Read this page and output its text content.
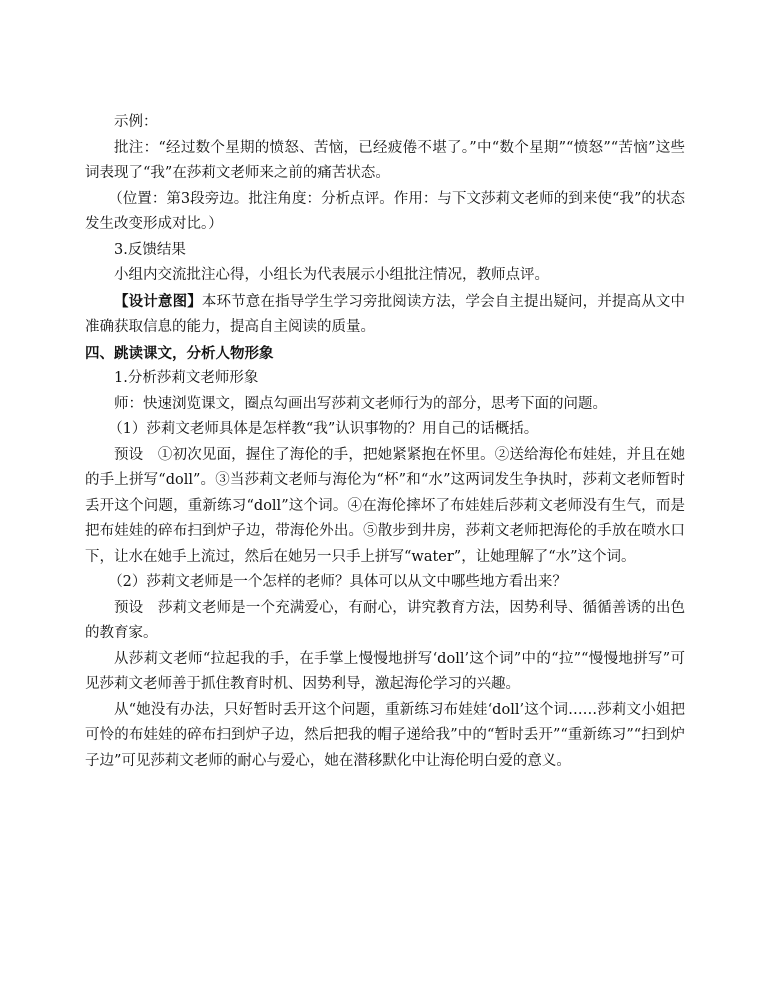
示例：

批注：“经过数个星期的愤怒、苦恼，已经疲倦不堪了。”中“数个星期”“愤怒”“苦恼”这些词表现了“我”在莎莉文老师来之前的痛苦状态。

（位置：第3段旁边。批注角度：分析点评。作用：与下文莎莉文老师的到来使“我”的状态发生改变形成对比。）

3.反馈结果

小组内交流批注心得，小组长为代表展示小组批注情况，教师点评。

【设计意图】本环节意在指导学生学习旁批阅读方法，学会自主提出疑问，并提高从文中准确获取信息的能力，提高自主阅读的质量。

四、跳读课文，分析人物形象

1.分析莎莉文老师形象

师：快速浏览课文，圈点勾画出写莎莉文老师行为的部分，思考下面的问题。

（1）莎莉文老师具体是怎样教“我”认识事物的？用自己的话概括。

预设　①初次见面，握住了海伦的手，把她紧紧抱在怀里。②送给海伦布娃娃，并且在她的手上拼写“doll”。③当莎莉文老师与海伦为“杯”和“水”这两词发生争执时，莎莉文老师暂时丢开这个问题，重新练习“doll”这个词。④在海伦摔坏了布娃娃后莎莉文老师没有生气，而是把布娃娃的碎布扫到炉子边，带海伦外出。⑤散步到井房，莎莉文老师把海伦的手放在喷水口下，让水在她手上流过，然后在她另一只手上拼写“water”，让她理解了“水”这个词。

（2）莎莉文老师是一个怎样的老师？具体可以从文中哪些地方看出来？

预设　莎莉文老师是一个充满爱心，有耐心，讲究教育方法，因势利导、循循善诱的出色的教育家。

从莎莉文老师“拉起我的手，在手掌上慢慢地拼写‘doll’这个词”中的“拉”“慢慢地拼写”可见莎莉文老师善于抓住教育时机、因势利导，激起海伦学习的兴趣。

从“她没有办法，只好暂时丢开这个问题，重新练习布娃娃‘doll’这个词……莎莉文小姐把可怜的布娃娃的碎布扫到炉子边，然后把我的帽子递给我”中的“暂时丢开”“重新练习”“扫到炉子边”可见莎莉文老师的耐心与爱心，她在潜移默化中让海伦明白爱的意义。
